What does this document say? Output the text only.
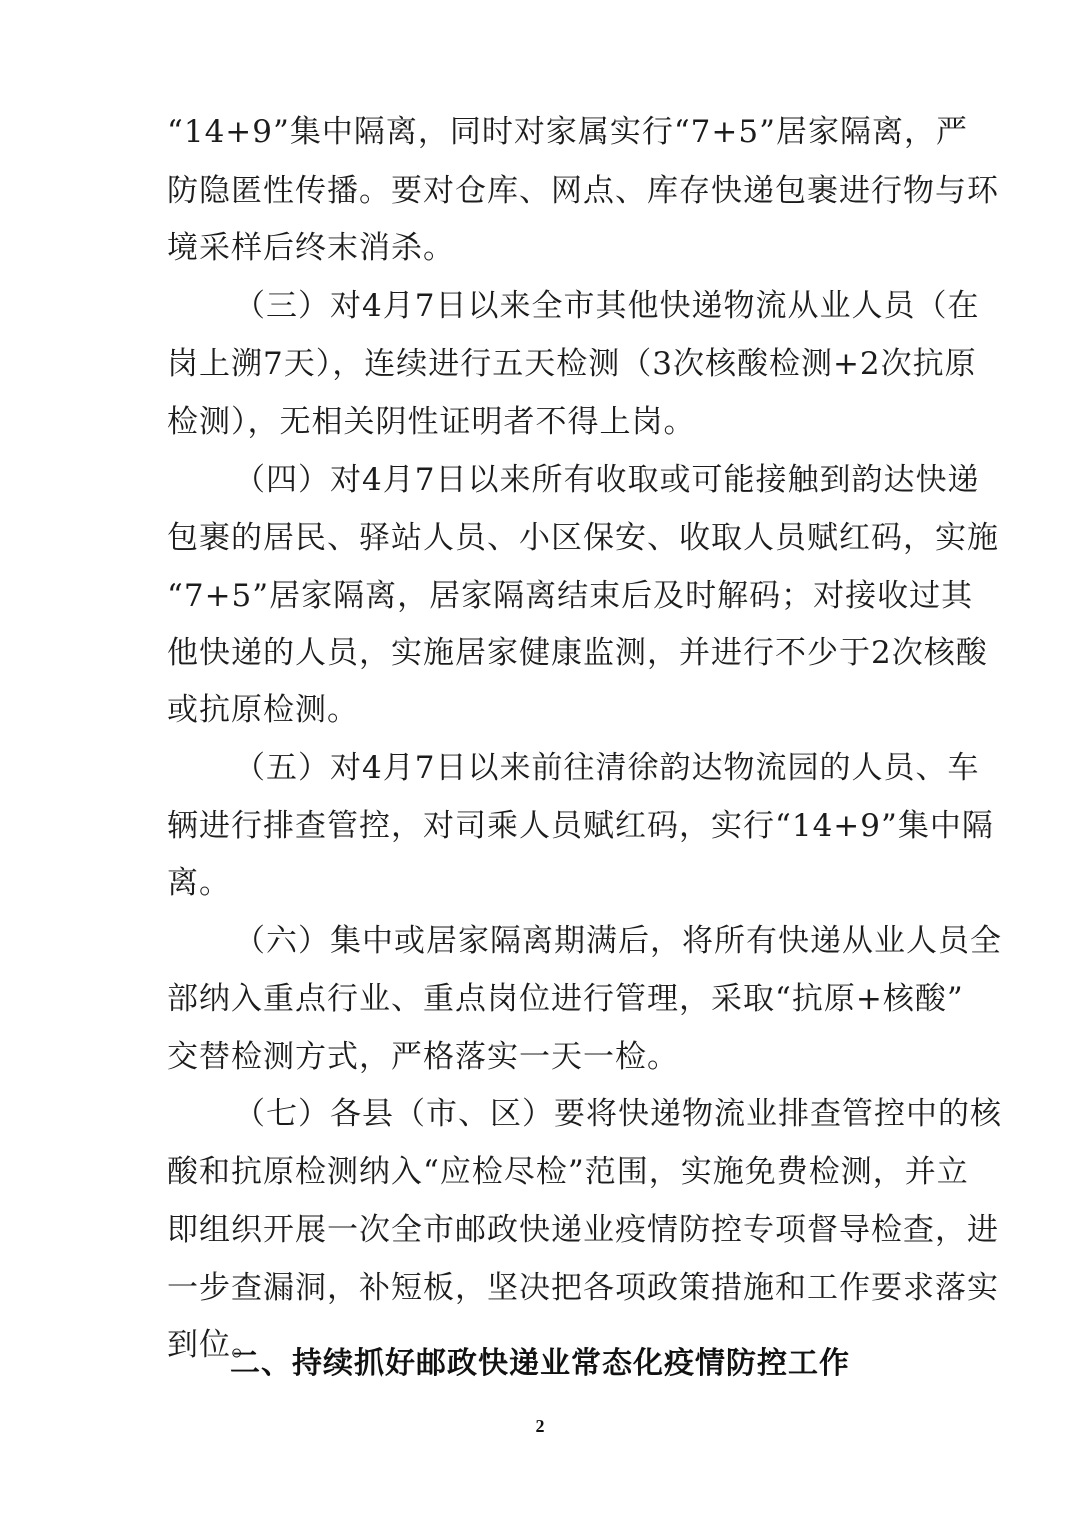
“14+9”集中隔离，同时对家属实行“7+5”居家隔离，严
防隐匿性传播。要对仓库、网点、库存快递包裹进行物与环
境采样后终末消杀。
（三）对4月7日以来全市其他快递物流从业人员（在
岗上溯7天），连续进行五天检测（3次核酸检测+2次抗原
检测），无相关阴性证明者不得上岗。
（四）对4月7日以来所有收取或可能接触到韵达快递
包裹的居民、驿站人员、小区保安、收取人员赋红码，实施
“7+5”居家隔离，居家隔离结束后及时解码；对接收过其
他快递的人员，实施居家健康监测，并进行不少于2次核酸
或抗原检测。
（五）对4月7日以来前往清徐韵达物流园的人员、车
辆进行排查管控，对司乘人员赋红码，实行“14+9”集中隔
离。
（六）集中或居家隔离期满后，将所有快递从业人员全
部纳入重点行业、重点岗位进行管理，采取“抗原+核酸”
交替检测方式，严格落实一天一检。
（七）各县（市、区）要将快递物流业排查管控中的核
酸和抗原检测纳入“应检尽检”范围，实施免费检测，并立
即组织开展一次全市邮政快递业疫情防控专项督导检查，进
一步查漏洞，补短板，坚决把各项政策措施和工作要求落实
到位。
二、持续抓好邮政快递业常态化疫情防控工作
2
